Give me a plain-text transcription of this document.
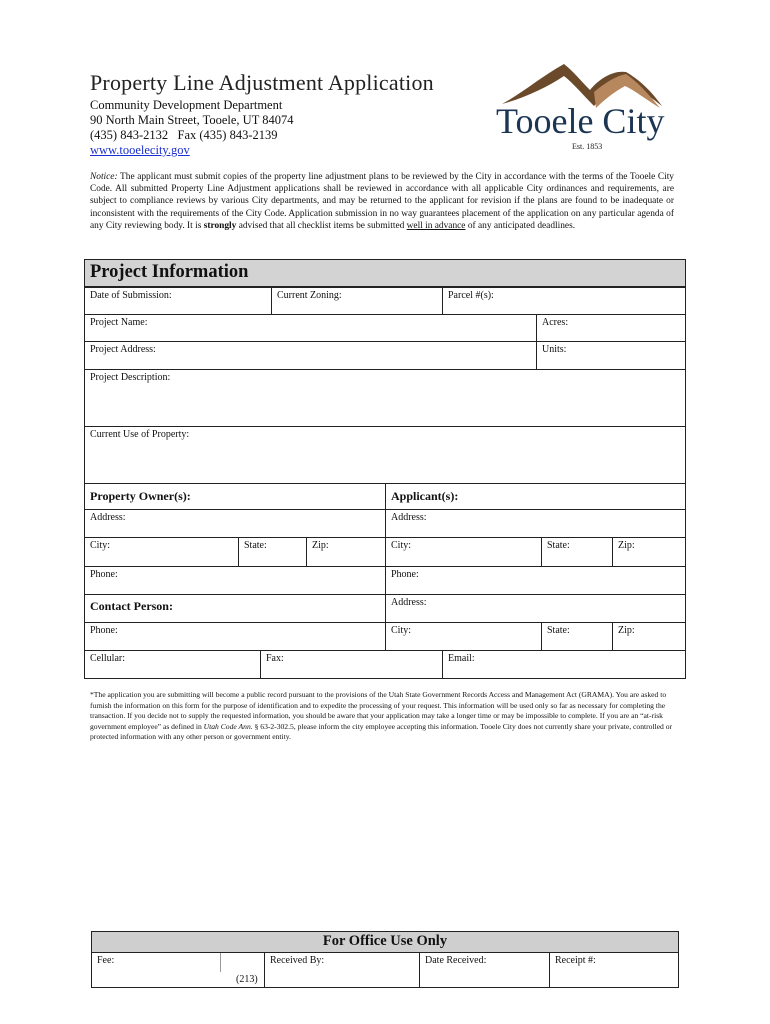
Property Line Adjustment Application
Community Development Department
90 North Main Street, Tooele, UT 84074
(435) 843-2132   Fax (435) 843-2139
www.tooelecity.gov
Tooele City
Est. 1853
Notice: The applicant must submit copies of the property line adjustment plans to be reviewed by the City in accordance with the terms of the Tooele City Code. All submitted Property Line Adjustment applications shall be reviewed in accordance with all applicable City ordinances and requirements, are subject to compliance reviews by various City departments, and may be returned to the applicant for revision if the plans are found to be inadequate or inconsistent with the requirements of the City Code. Application submission in no way guarantees placement of the application on any particular agenda of any City reviewing body. It is strongly advised that all checklist items be submitted well in advance of any anticipated deadlines.
Project Information
Date of Submission:	Current Zoning:	Parcel #(s):
Project Name:	Acres:
Project Address:	Units:
Project Description:
Current Use of Property:
Property Owner(s):	Applicant(s):
Address:	Address:
City:	State:	Zip:	City:	State:	Zip:
Phone:	Phone:
Contact Person:	Address:
Phone:	City:	State:	Zip:
Cellular:	Fax:	Email:
*The application you are submitting will become a public record pursuant to the provisions of the Utah State Government Records Access and Management Act (GRAMA). You are asked to furnish the information on this form for the purpose of identification and to expedite the processing of your request. This information will be used only so far as necessary for completing the transaction. If you decide not to supply the requested information, you should be aware that your application may take a longer time or may be impossible to complete. If you are an “at-risk government employee” as defined in Utah Code Ann. § 63-2-302.5, please inform the city employee accepting this information. Tooele City does not currently share your private, controlled or protected information with any other person or government entity.
For Office Use Only
Fee:	Received By:	Date Received:	Receipt #:
(213)
